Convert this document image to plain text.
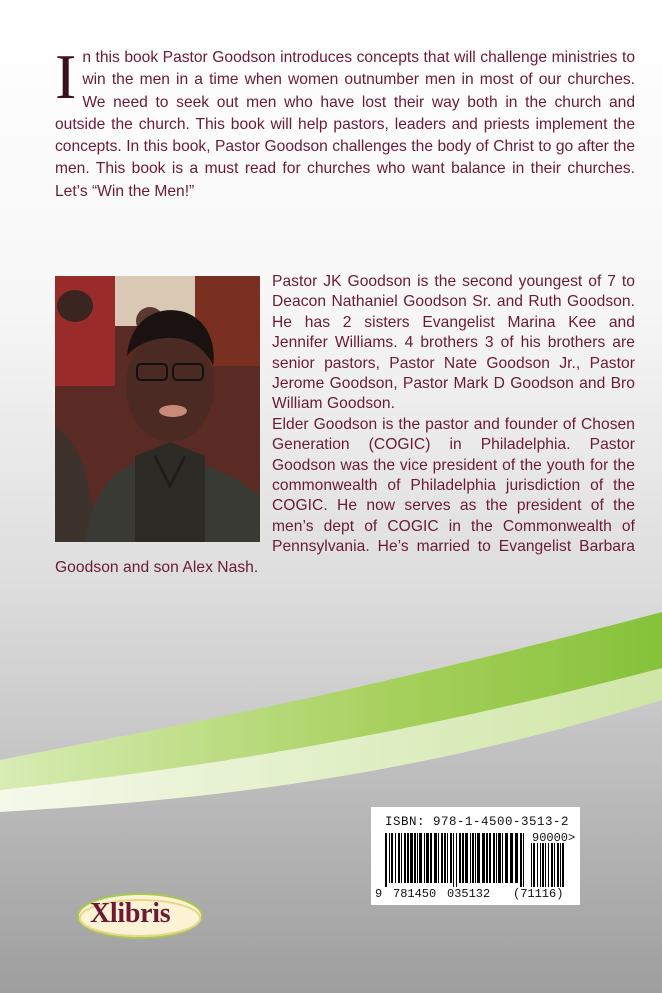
I n this book Pastor Goodson introduces concepts that will challenge ministries to win the men in a time when women outnumber men in most of our churches. We need to seek out men who have lost their way both in the church and outside the church. This book will help pastors, leaders and priests implement the concepts. In this book, Pastor Goodson challenges the body of Christ to go after the men. This book is a must read for churches who want balance in their churches. Let’s “Win the Men!”

Pastor JK Goodson is the second youngest of 7 to Deacon Nathaniel Goodson Sr. and Ruth Goodson. He has 2 sisters Evangelist Marina Kee and Jennifer Williams. 4 brothers 3 of his brothers are senior pastors, Pastor Nate Goodson Jr., Pastor Jerome Goodson, Pastor Mark D Goodson and Bro William Goodson.

Elder Goodson is the pastor and founder of Chosen Generation (COGIC) in Philadelphia. Pastor Goodson was the vice president of the youth for the commonwealth of Philadelphia jurisdiction of the COGIC. He now serves as the president of the men’s dept of COGIC in the Commonwealth of Pennsylvania. He’s married to Evangelist Barbara Goodson and son Alex Nash.

ISBN: 978-1-4500-3513-2
90000>
9 781450 035132 (71116)
Xlibris
